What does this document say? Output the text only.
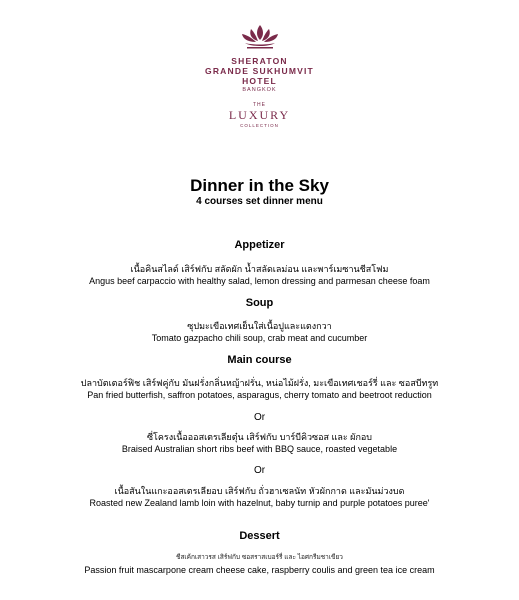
SHERATON
GRANDE SUKHUMVIT
HOTEL
BANGKOK
THE
LUXURY
COLLECTION
Dinner in the Sky
4 courses set dinner menu
Appetizer
เนื้อคินสไลด์ เสิร์ฟกับ สลัดผัก น้ำสลัดเลม่อน และพาร์เมซานชีสโฟม
Angus beef carpaccio with healthy salad, lemon dressing and parmesan cheese foam
Soup
ซุปมะเขือเทศเย็นใส่เนื้อปูและแตงกวา
Tomato gazpacho chili soup, crab meat and cucumber
Main course
ปลาบัตเตอร์ฟิช เสิร์ฟคู่กับ มันฝรั่งกลิ่นหญ้าฝรั่น, หน่อไม้ฝรั่ง, มะเขือเทศเชอร์รี่ และ ซอสบีทรูท
Pan fried butterfish, saffron potatoes, asparagus, cherry tomato and beetroot reduction
Or
ซี่โครงเนื้อออสเตรเลียตุ๋น เสิร์ฟกับ บาร์บีคิวซอส และ ผักอบ
Braised Australian short ribs beef with BBQ sauce, roasted vegetable
Or
เนื้อสันในแกะออสเตรเลียอบ เสิร์ฟกับ ถั่วฮาเซลนัท หัวผักกาด และมันม่วงบด
Roasted new Zealand lamb loin with hazelnut, baby turnip and purple potatoes puree'
Dessert
ชีสเค้กเสาวรส เสิร์ฟกับ ซอสราสเบอร์รี่ และ ไอศกรีมชาเขียว
Passion fruit mascarpone cream cheese cake, raspberry coulis and green tea ice cream
